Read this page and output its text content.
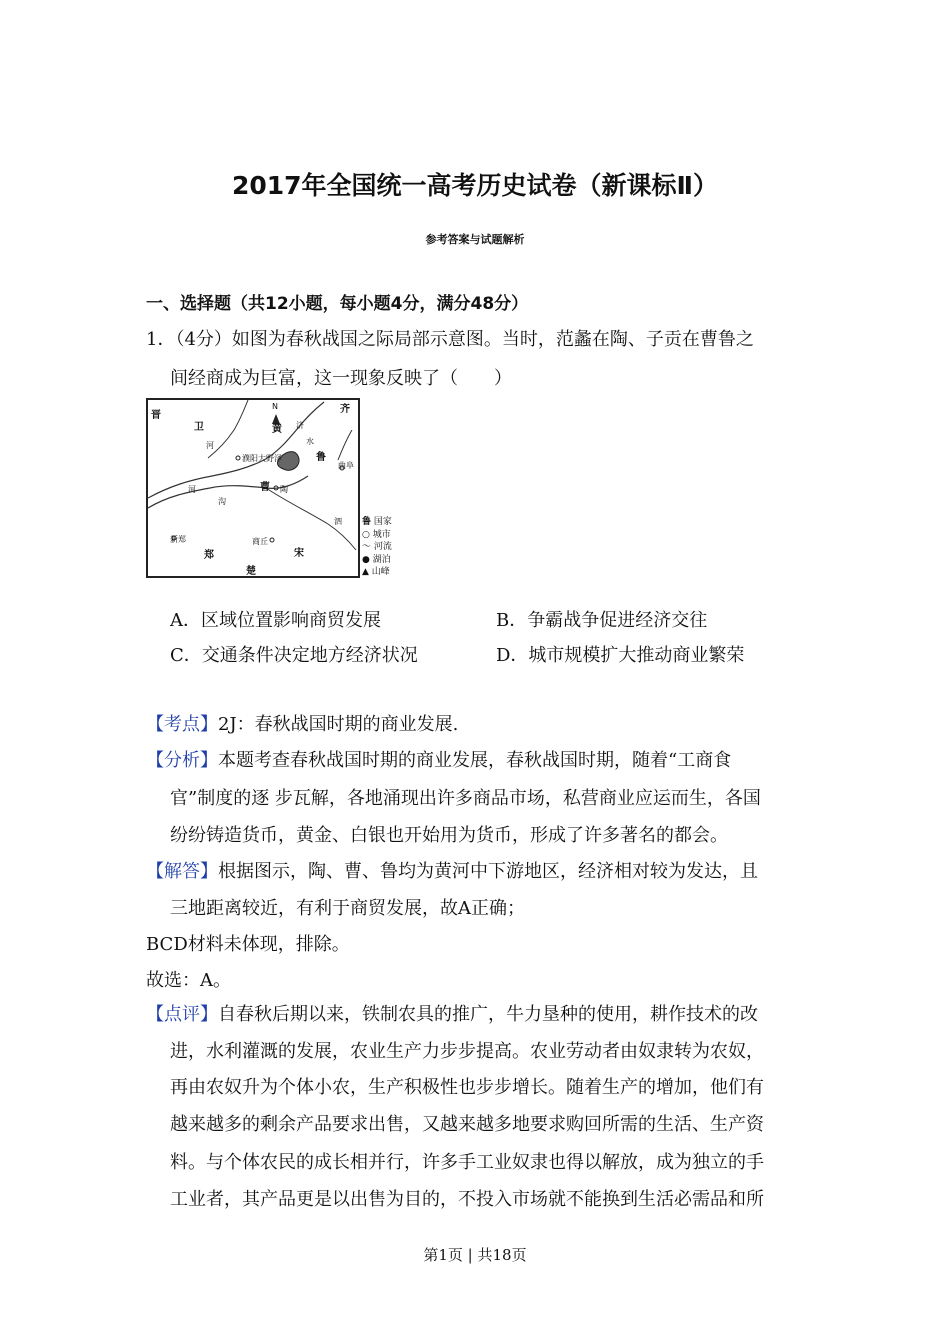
2017年全国统一高考历史试卷（新课标Ⅱ）
参考答案与试题解析
一、选择题（共12小题，每小题4分，满分48分）
1．（4分）如图为春秋战国之际局部示意图。当时，范蠡在陶、子贡在曹鲁之
间经商成为巨富，这一现象反映了（　　）
晋
卫
齐
N
黄
河
濮阳 大野泽
济
水
鲁
曲阜
曹 陶
河
沟
泗
新郑
郑
商丘
宋
楚
鲁 国家
○ 城市
～ 河流
● 湖泊
▲ 山峰
A．区域位置影响商贸发展	B．争霸战争促进经济交往
C．交通条件决定地方经济状况	D．城市规模扩大推动商业繁荣
【考点】2J：春秋战国时期的商业发展.
【分析】本题考查春秋战国时期的商业发展，春秋战国时期，随着“工商食
官”制度的逐 步瓦解，各地涌现出许多商品市场，私营商业应运而生，各国
纷纷铸造货币，黄金、白银也开始用为货币，形成了许多著名的都会。
【解答】根据图示，陶、曹、鲁均为黄河中下游地区，经济相对较为发达，且
三地距离较近，有利于商贸发展，故A正确；
BCD材料未体现，排除。
故选：A。
【点评】自春秋后期以来，铁制农具的推广，牛力垦种的使用，耕作技术的改
进，水利灌溉的发展，农业生产力步步提高。农业劳动者由奴隶转为农奴，
再由农奴升为个体小农，生产积极性也步步增长。随着生产的增加，他们有
越来越多的剩余产品要求出售，又越来越多地要求购回所需的生活、生产资
料。与个体农民的成长相并行，许多手工业奴隶也得以解放，成为独立的手
工业者，其产品更是以出售为目的，不投入市场就不能换到生活必需品和所
第1页 | 共18页
